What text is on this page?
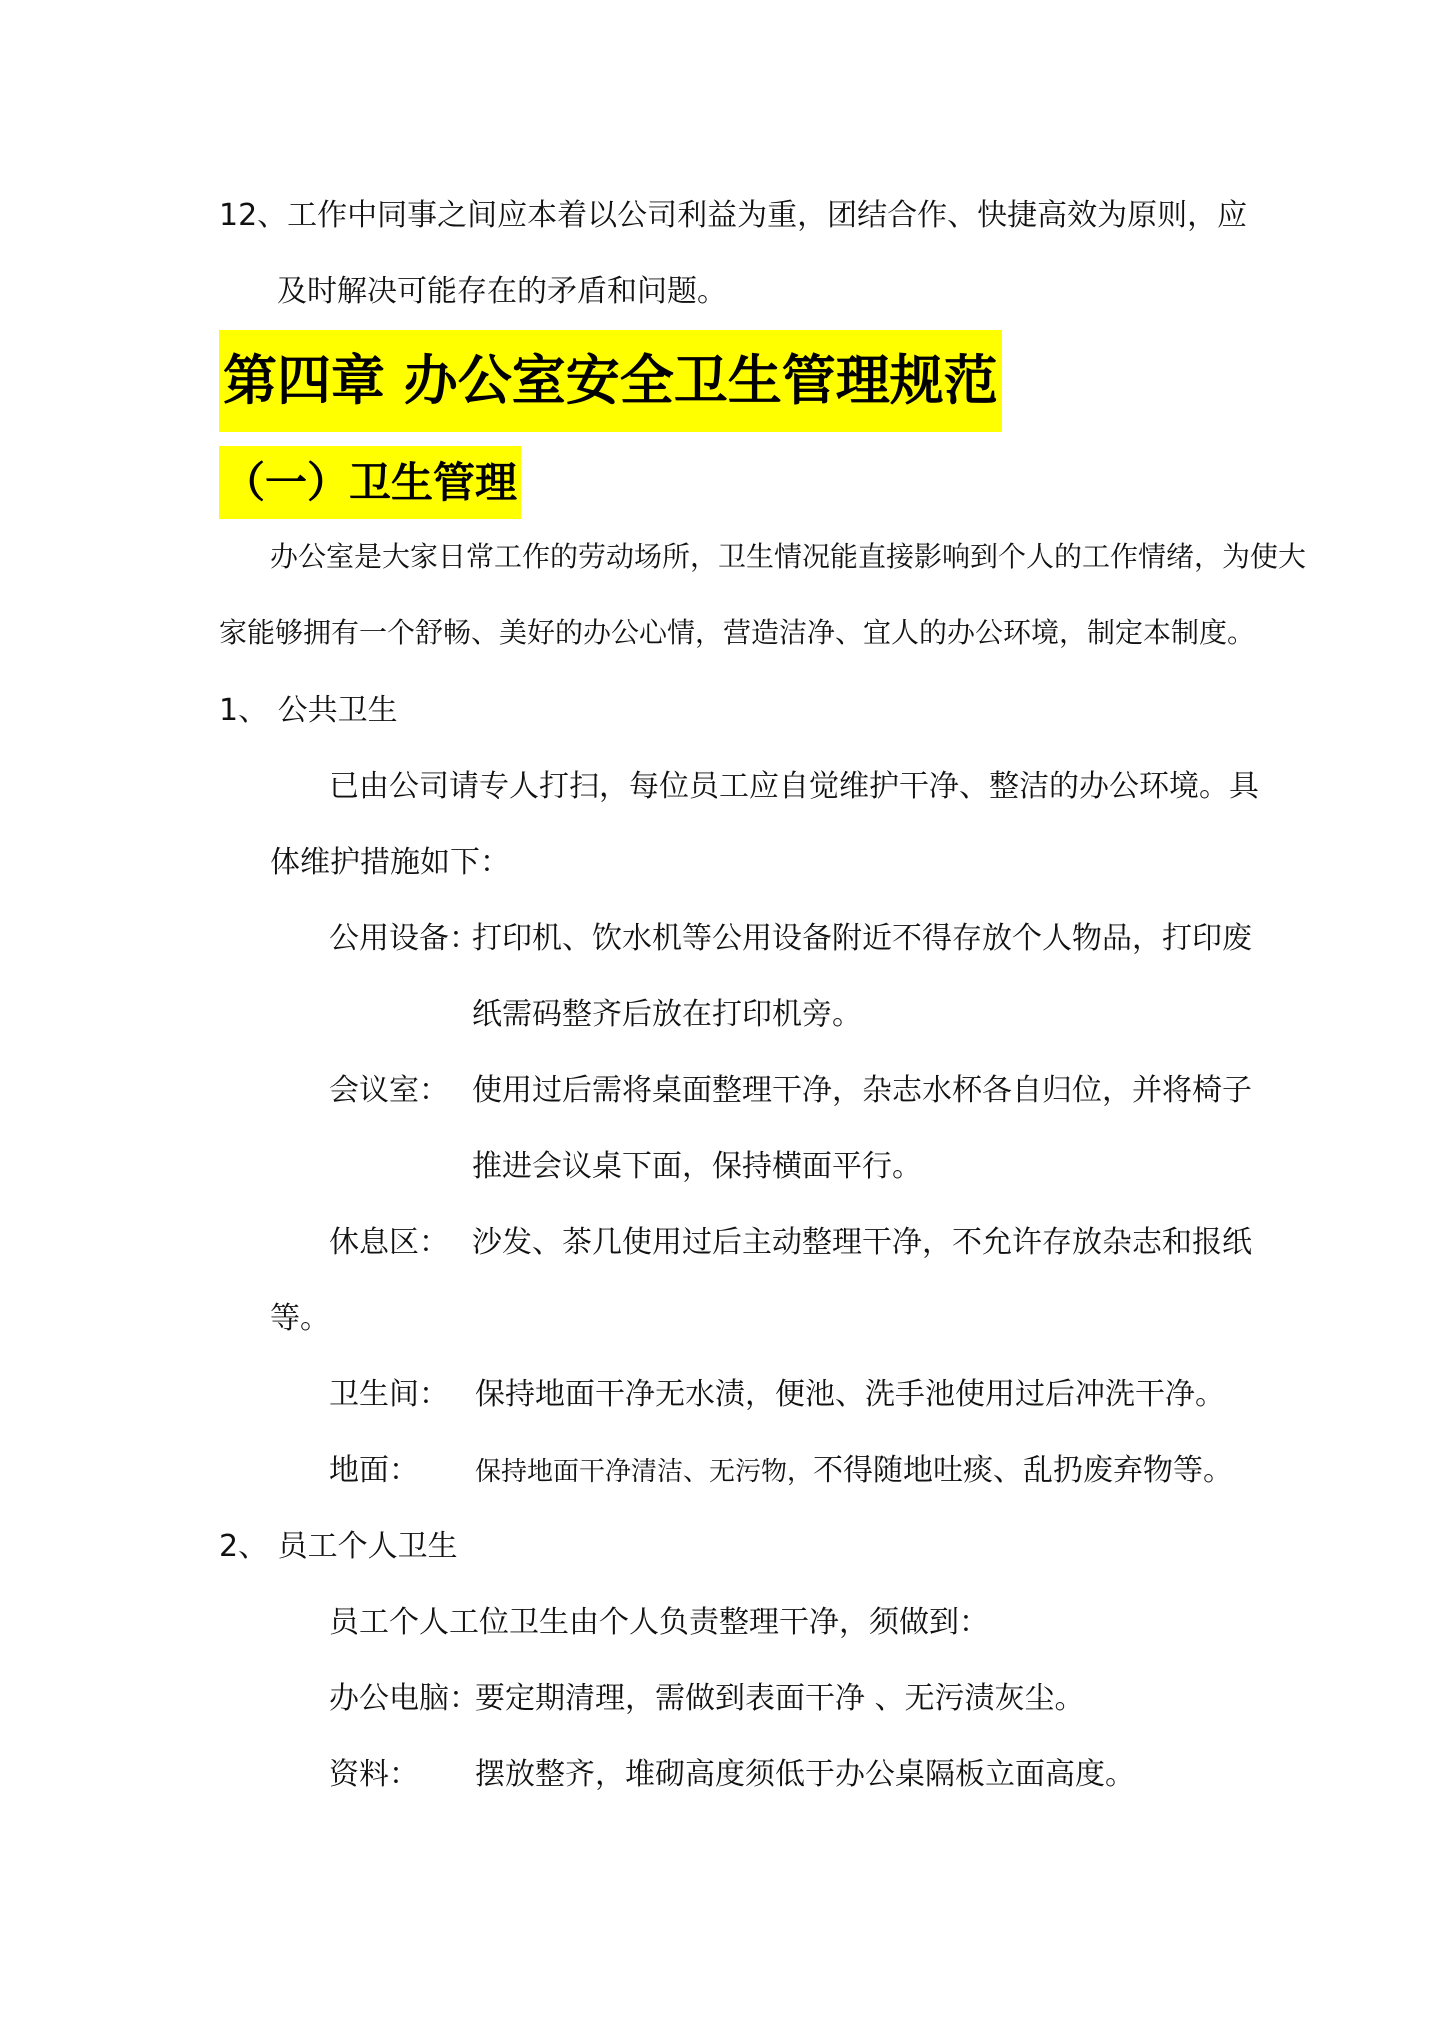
12、工作中同事之间应本着以公司利益为重，团结合作、快捷高效为原则，应
及时解决可能存在的矛盾和问题。
第四章 办公室安全卫生管理规范
（一）卫生管理
办公室是大家日常工作的劳动场所，卫生情况能直接影响到个人的工作情绪，为使大
家能够拥有一个舒畅、美好的办公心情，营造洁净、宜人的办公环境，制定本制度。
1、 公共卫生
已由公司请专人打扫，每位员工应自觉维护干净、整洁的办公环境。具
体维护措施如下：
公用设备：
打印机、饮水机等公用设备附近不得存放个人物品，打印废
纸需码整齐后放在打印机旁。
会议室： 使用过后需将桌面整理干净，杂志水杯各自归位，并将椅子
推进会议桌下面，保持横面平行。
休息区： 沙发、茶几使用过后主动整理干净，不允许存放杂志和报纸
等。
卫生间： 保持地面干净无水渍，便池、洗手池使用过后冲洗干净。
地面： 保持地面干净清洁、无污物，不得随地吐痰、乱扔废弃物等。
2、 员工个人卫生
员工个人工位卫生由个人负责整理干净，须做到：
办公电脑：
要定期清理，需做到表面干净 、无污渍灰尘。
资料： 摆放整齐，堆砌高度须低于办公桌隔板立面高度。
